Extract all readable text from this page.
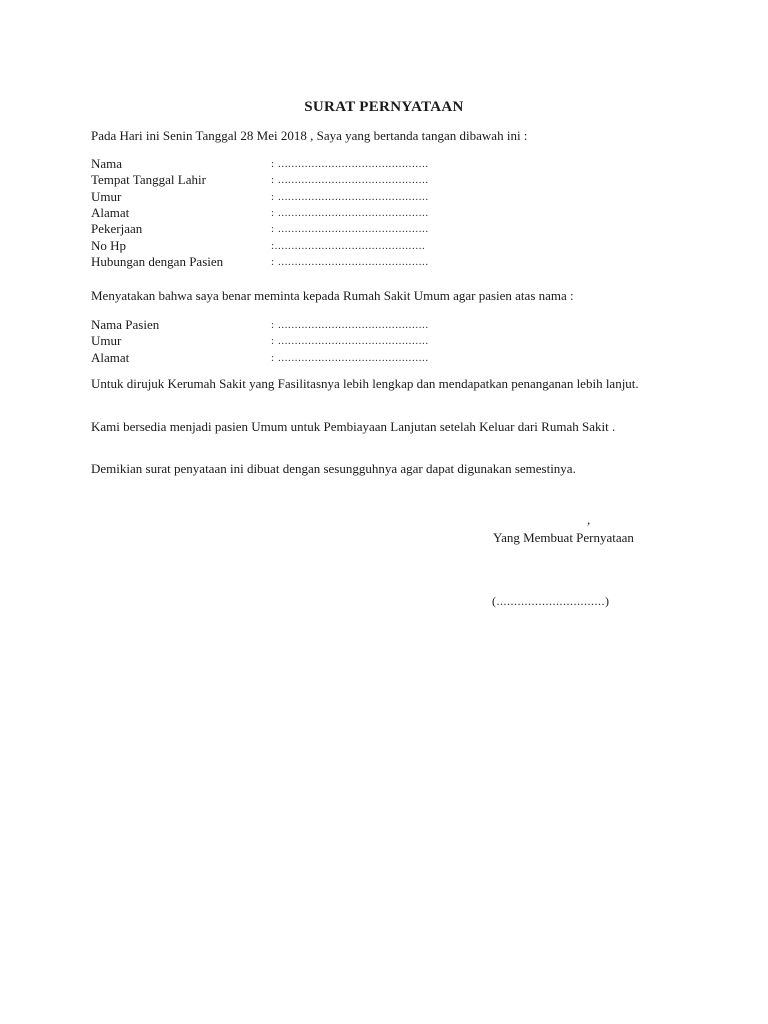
SURAT PERNYATAAN
Pada Hari ini Senin Tanggal 28 Mei 2018 , Saya yang bertanda tangan dibawah ini :
Nama	: .............................................
Tempat Tanggal Lahir	: .............................................
Umur	: .............................................
Alamat	: .............................................
Pekerjaan	: .............................................
No Hp	:.............................................
Hubungan dengan Pasien	: .............................................
Menyatakan bahwa saya benar meminta kepada Rumah Sakit Umum agar pasien atas nama :
Nama Pasien	: .............................................
Umur	: .............................................
Alamat	: .............................................
Untuk dirujuk Kerumah Sakit yang Fasilitasnya lebih lengkap dan mendapatkan penanganan lebih lanjut.
Kami bersedia menjadi pasien Umum untuk Pembiayaan Lanjutan setelah Keluar dari Rumah Sakit .
Demikian surat penyataan ini dibuat dengan sesungguhnya agar dapat digunakan semestinya.
,
Yang Membuat Pernyataan
(...............................)
